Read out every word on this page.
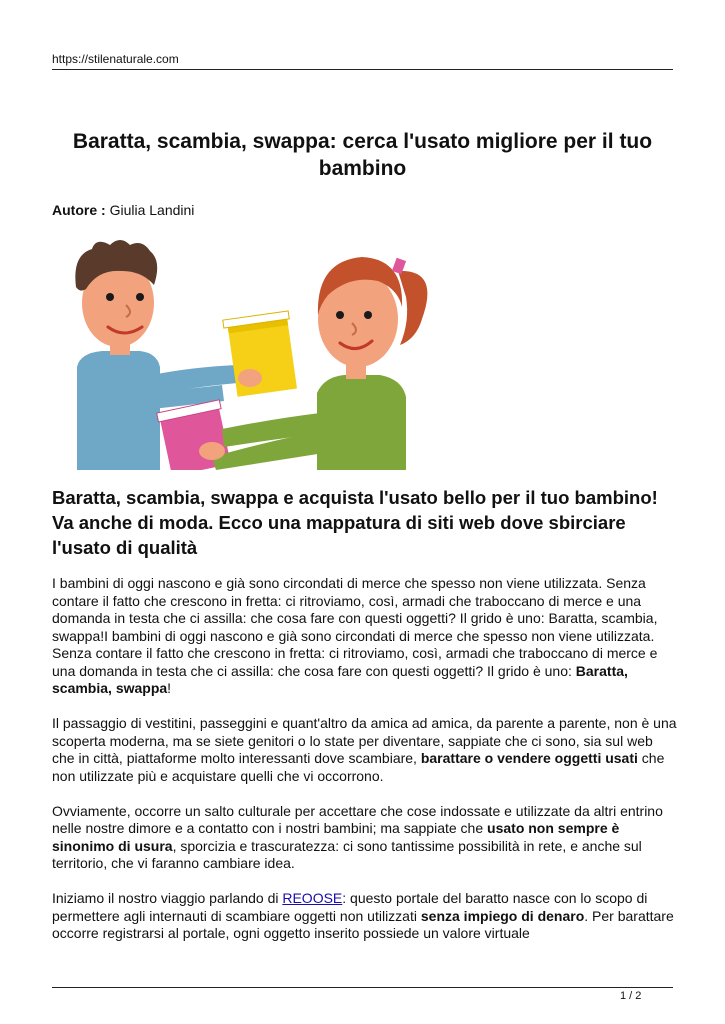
https://stilenaturale.com
Baratta, scambia, swappa: cerca l'usato migliore per il tuo bambino
Autore : Giulia Landini
Baratta, scambia, swappa e acquista l'usato bello per il tuo bambino! Va anche di moda. Ecco una mappatura di siti web dove sbirciare l'usato di qualità

I bambini di oggi nascono e già sono circondati di merce che spesso non viene utilizzata. Senza contare il fatto che crescono in fretta: ci ritroviamo, così, armadi che traboccano di merce e una domanda in testa che ci assilla: che cosa fare con questi oggetti? Il grido è uno: Baratta, scambia, swappa!I bambini di oggi nascono e già sono circondati di merce che spesso non viene utilizzata.
Senza contare il fatto che crescono in fretta: ci ritroviamo, così, armadi che traboccano di merce e una domanda in testa che ci assilla: che cosa fare con questi oggetti? Il grido è uno: Baratta, scambia, swappa!

Il passaggio di vestitini, passeggini e quant'altro da amica ad amica, da parente a parente, non è una scoperta moderna, ma se siete genitori o lo state per diventare, sappiate che ci sono, sia sul web che in città, piattaforme molto interessanti dove scambiare, barattare o vendere oggetti usati che non utilizzate più e acquistare quelli che vi occorrono.

Ovviamente, occorre un salto culturale per accettare che cose indossate e utilizzate da altri entrino nelle nostre dimore e a contatto con i nostri bambini; ma sappiate che usato non sempre è sinonimo di usura, sporcizia e trascuratezza: ci sono tantissime possibilità in rete, e anche sul territorio, che vi faranno cambiare idea.

Iniziamo il nostro viaggio parlando di REOOSE: questo portale del baratto nasce con lo scopo di permettere agli internauti di scambiare oggetti non utilizzati senza impiego di denaro. Per barattare occorre registrarsi al portale, ogni oggetto inserito possiede un valore virtuale

1 / 2
